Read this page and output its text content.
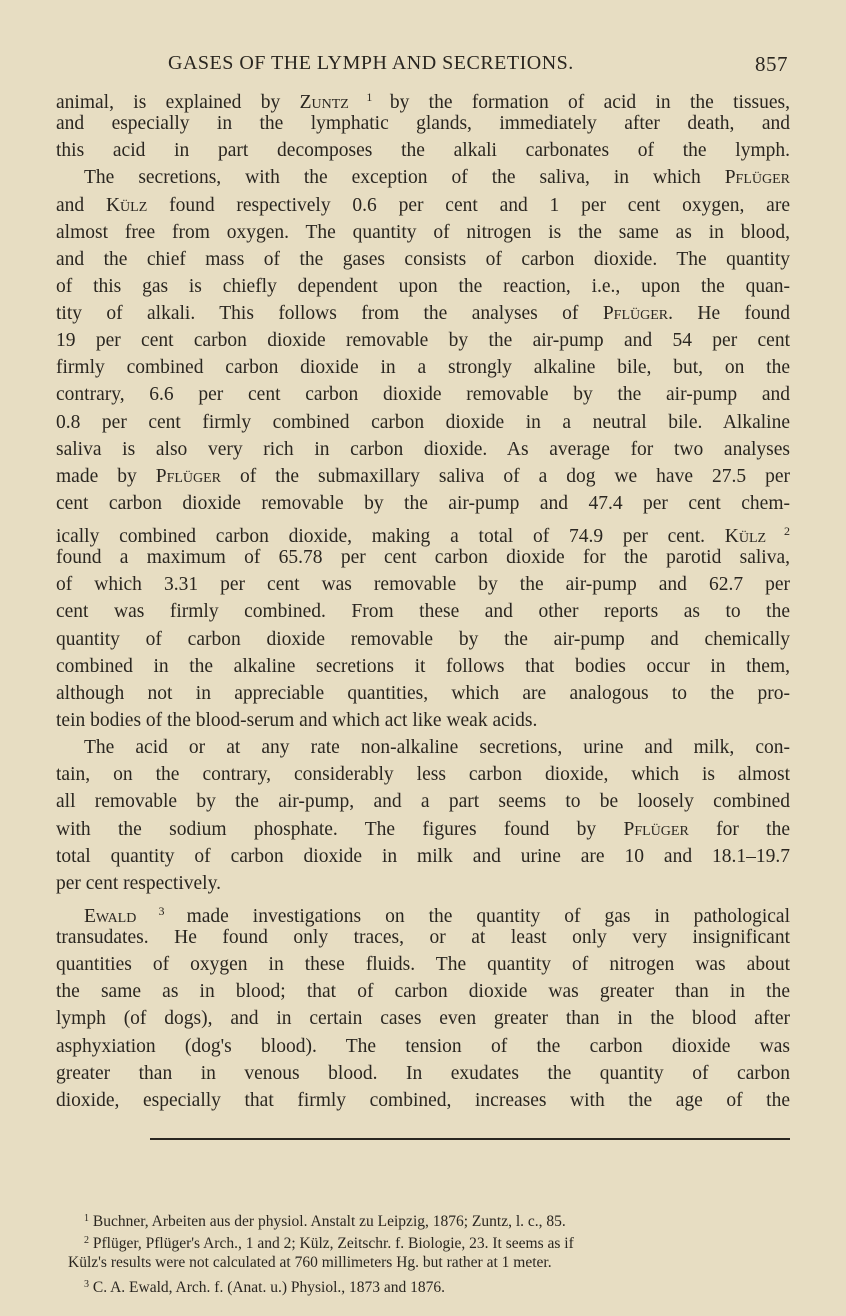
GASES OF THE LYMPH AND SECRETIONS.	857
animal, is explained by Zuntz $^1$ by the formation of acid in the tissues,
and especially in the lymphatic glands, immediately after death, and
this acid in part decomposes the alkali carbonates of the lymph.
The secretions, with the exception of the saliva, in which Pflüger
and Külz found respectively 0.6 per cent and 1 per cent oxygen, are
almost free from oxygen. The quantity of nitrogen is the same as in blood,
and the chief mass of the gases consists of carbon dioxide. The quantity
of this gas is chiefly dependent upon the reaction, i.e., upon the quan-
tity of alkali. This follows from the analyses of Pflüger. He found
19 per cent carbon dioxide removable by the air-pump and 54 per cent
firmly combined carbon dioxide in a strongly alkaline bile, but, on the
contrary, 6.6 per cent carbon dioxide removable by the air-pump and
0.8 per cent firmly combined carbon dioxide in a neutral bile. Alkaline
saliva is also very rich in carbon dioxide. As average for two analyses
made by Pflüger of the submaxillary saliva of a dog we have 27.5 per
cent carbon dioxide removable by the air-pump and 47.4 per cent chem-
ically combined carbon dioxide, making a total of 74.9 per cent. Külz $^2$
found a maximum of 65.78 per cent carbon dioxide for the parotid saliva,
of which 3.31 per cent was removable by the air-pump and 62.7 per
cent was firmly combined. From these and other reports as to the
quantity of carbon dioxide removable by the air-pump and chemically
combined in the alkaline secretions it follows that bodies occur in them,
although not in appreciable quantities, which are analogous to the pro-
tein bodies of the blood-serum and which act like weak acids.
The acid or at any rate non-alkaline secretions, urine and milk, con-
tain, on the contrary, considerably less carbon dioxide, which is almost
all removable by the air-pump, and a part seems to be loosely combined
with the sodium phosphate. The figures found by Pflüger for the
total quantity of carbon dioxide in milk and urine are 10 and 18.1–19.7
per cent respectively.
Ewald $^3$ made investigations on the quantity of gas in pathological
transudates. He found only traces, or at least only very insignificant
quantities of oxygen in these fluids. The quantity of nitrogen was about
the same as in blood; that of carbon dioxide was greater than in the
lymph (of dogs), and in certain cases even greater than in the blood after
asphyxiation (dog's blood). The tension of the carbon dioxide was
greater than in venous blood. In exudates the quantity of carbon
dioxide, especially that firmly combined, increases with the age of the
$^1$ Buchner, Arbeiten aus der physiol. Anstalt zu Leipzig, 1876; Zuntz, l. c., 85.
$^2$ Pflüger, Pflüger's Arch., 1 and 2; Külz, Zeitschr. f. Biologie, 23. It seems as if
Külz's results were not calculated at 760 millimeters Hg. but rather at 1 meter.
$^3$ C. A. Ewald, Arch. f. (Anat. u.) Physiol., 1873 and 1876.
